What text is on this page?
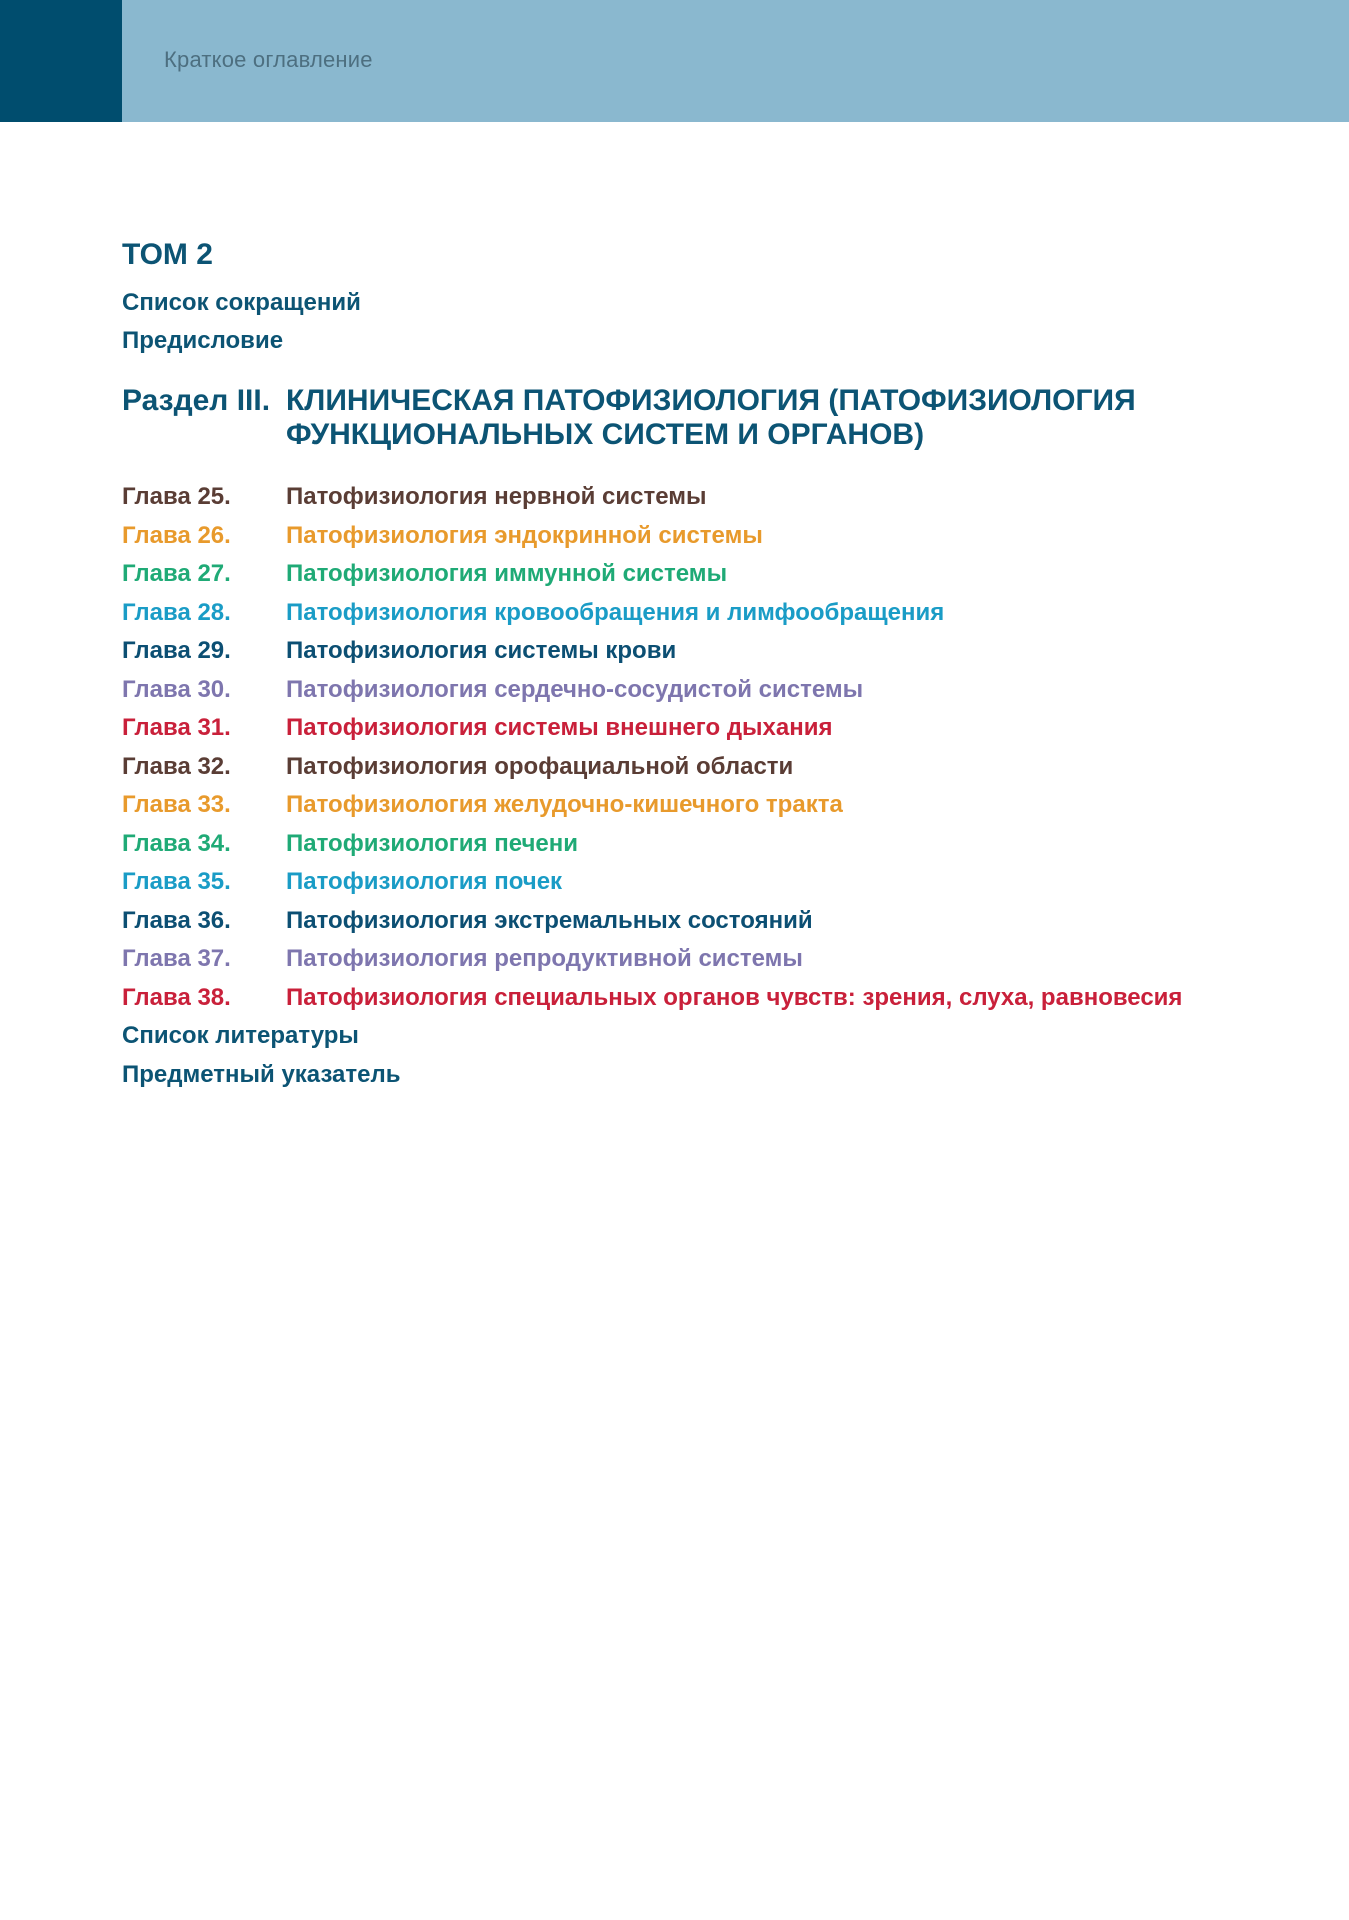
Краткое оглавление
ТОМ 2
Список сокращений
Предисловие
Раздел III. КЛИНИЧЕСКАЯ ПАТОФИЗИОЛОГИЯ (ПАТОФИЗИОЛОГИЯ ФУНКЦИОНАЛЬНЫХ СИСТЕМ И ОРГАНОВ)
Глава 25.	Патофизиология нервной системы
Глава 26.	Патофизиология эндокринной системы
Глава 27.	Патофизиология иммунной системы
Глава 28.	Патофизиология кровообращения и лимфообращения
Глава 29.	Патофизиология системы крови
Глава 30.	Патофизиология сердечно-сосудистой системы
Глава 31.	Патофизиология системы внешнего дыхания
Глава 32.	Патофизиология орофациальной области
Глава 33.	Патофизиология желудочно-кишечного тракта
Глава 34.	Патофизиология печени
Глава 35.	Патофизиология почек
Глава 36.	Патофизиология экстремальных состояний
Глава 37.	Патофизиология репродуктивной системы
Глава 38.	Патофизиология специальных органов чувств: зрения, слуха, равновесия
Список литературы
Предметный указатель
